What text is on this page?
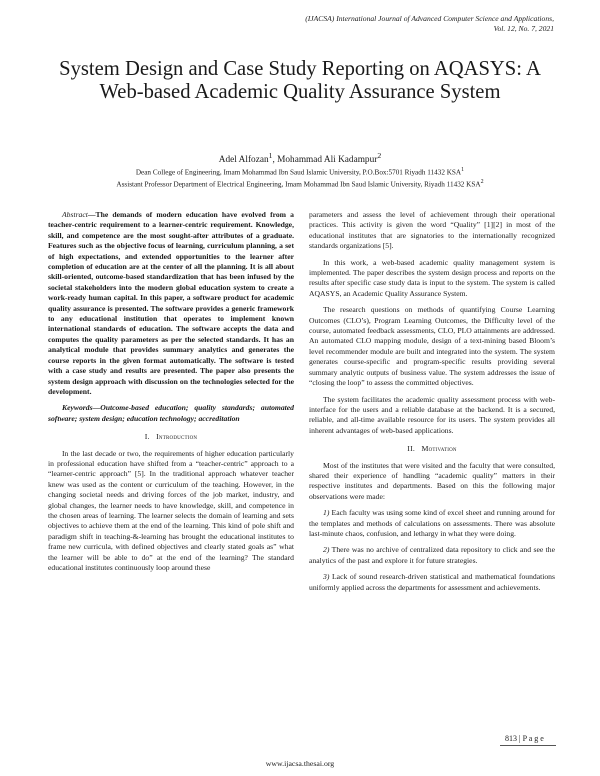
(IJACSA) International Journal of Advanced Computer Science and Applications,
Vol. 12, No. 7, 2021
System Design and Case Study Reporting on AQASYS: A Web-based Academic Quality Assurance System
Adel Alfozan$^1$, Mohammad Ali Kadampur$^2$
Dean College of Engineering, Imam Mohammad Ibn Saud Islamic University, P.O.Box:5701 Riyadh 11432 KSA$^1$
Assistant Professor Department of Electrical Engineering, Imam Mohammad Ibn Saud Islamic University, Riyadh 11432 KSA$^2$

Abstract—The demands of modern education have evolved from a teacher-centric requirement to a learner-centric requirement. Knowledge, skill, and competence are the most sought-after attributes of a graduate. Features such as the objective focus of learning, curriculum planning, a set of high expectations, and extended opportunities to the learner after completion of education are at the center of all the planning. It is all about skill-oriented, outcome-based standardization that has been infused by the societal stakeholders into the modern global education system to create a work-ready human capital. In this paper, a software product for academic quality assurance is presented. The software provides a generic framework to any educational institution that operates to implement known international standards of education. The software accepts the data and computes the quality parameters as per the selected standards. It has an analytical module that provides summary analytics and generates the course reports in the given format automatically. The software is tested with a case study and results are presented. The paper also presents the system design approach with discussion on the technologies selected for the development.

Keywords—Outcome-based education; quality standards; automated software; system design; education technology; accreditation

I. Introduction

In the last decade or two, the requirements of higher education particularly in professional education have shifted from a “teacher-centric” approach to a “learner-centric approach” [5]. In the traditional approach whatever teacher knew was used as the content or curriculum of the teaching. However, in the changing societal needs and driving forces of the job market, industry, and global changes, the learner needs to have knowledge, skill, and competence in the chosen areas of learning. The learner selects the domain of learning and sets objectives to achieve them at the end of the learning. This kind of pole shift and paradigm shift in teaching-&-learning has brought the educational institutes to frame new curricula, with defined objectives and clearly stated goals as” what the learner will be able to do” at the end of the learning? The standard educational institutes continuously loop around these

parameters and assess the level of achievement through their operational practices. This activity is given the word “Quality” [1][2] in most of the educational institutes that are signatories to the internationally recognized standards organizations [5].

In this work, a web-based academic quality management system is implemented. The paper describes the system design process and reports on the results after specific case study data is input to the system. The system is called AQASYS, an Academic Quality Assurance System.

The research questions on methods of quantifying Course Learning Outcomes (CLO’s), Program Learning Outcomes, the Difficulty level of the course, automated feedback assessments, CLO, PLO attainments are addressed. An automated CLO mapping module, design of a text-mining based Bloom’s level recommender module are built and integrated into the system. The system generates course-specific and program-specific results providing several summary analytic outputs of business value. The system addresses the issue of “closing the loop” to assess the committed objectives.

The system facilitates the academic quality assessment process with web-interface for the users and a reliable database at the backend. It is a secured, reliable, and all-time available resource for its users. The system provides all inherent advantages of web-based applications.

II. Motivation

Most of the institutes that were visited and the faculty that were consulted, shared their experience of handling “academic quality” matters in their respective institutes and departments. Based on this the following major observations were made:

1) Each faculty was using some kind of excel sheet and running around for the templates and methods of calculations on assessments. There was absolute last-minute chaos, confusion, and lethargy in what they were doing.

2) There was no archive of centralized data repository to click and see the analytics of the past and explore it for future strategies.

3) Lack of sound research-driven statistical and mathematical foundations uniformly applied across the departments for assessment and achievements.

813 | P a g e
www.ijacsa.thesai.org
